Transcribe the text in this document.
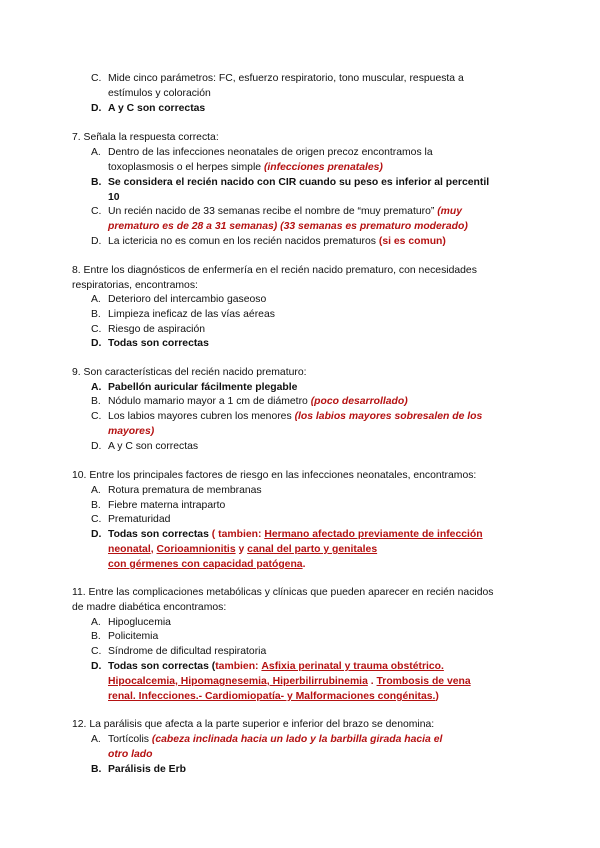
C. Mide cinco parámetros: FC, esfuerzo respiratorio, tono muscular, respuesta a
estímulos y coloración
D. A y C son correctas
7. Señala la respuesta correcta:
A. Dentro de las infecciones neonatales de origen precoz encontramos la
toxoplasmosis o el herpes simple (infecciones prenatales)
B. Se considera el recién nacido con CIR cuando su peso es inferior al percentil
10
C. Un recién nacido de 33 semanas recibe el nombre de “muy prematuro” (muy
prematuro es de 28 a 31 semanas) (33 semanas es prematuro moderado)
D. La ictericia no es comun en los recién nacidos prematuros (si es comun)
8. Entre los diagnósticos de enfermería en el recién nacido prematuro, con necesidades
respiratorias, encontramos:
A. Deterioro del intercambio gaseoso
B. Limpieza ineficaz de las vías aéreas
C. Riesgo de aspiración
D. Todas son correctas
9. Son características del recién nacido prematuro:
A. Pabellón auricular fácilmente plegable
B. Nódulo mamario mayor a 1 cm de diámetro (poco desarrollado)
C. Los labios mayores cubren los menores (los labios mayores sobresalen de los
mayores)
D. A y C son correctas
10. Entre los principales factores de riesgo en las infecciones neonatales, encontramos:
A. Rotura prematura de membranas
B. Fiebre materna intraparto
C. Prematuridad
D. Todas son correctas ( tambien: Hermano afectado previamente de infección
neonatal, Corioamnionitis y canal del parto y genitales
con gérmenes con capacidad patógena.
11. Entre las complicaciones metabólicas y clínicas que pueden aparecer en recién nacidos
de madre diabética encontramos:
A. Hipoglucemia
B. Policitemia
C. Síndrome de dificultad respiratoria
D. Todas son correctas (tambien: Asfixia perinatal y trauma obstétrico.
Hipocalcemia, Hipomagnesemia, Hiperbilirrubinemia . Trombosis de vena
renal. Infecciones.- Cardiomiopatía- y Malformaciones congénitas.)
12. La parálisis que afecta a la parte superior e inferior del brazo se denomina:
A. Tortícolis (cabeza inclinada hacia un lado y la barbilla girada hacia el
otro lado
B. Parálisis de Erb
